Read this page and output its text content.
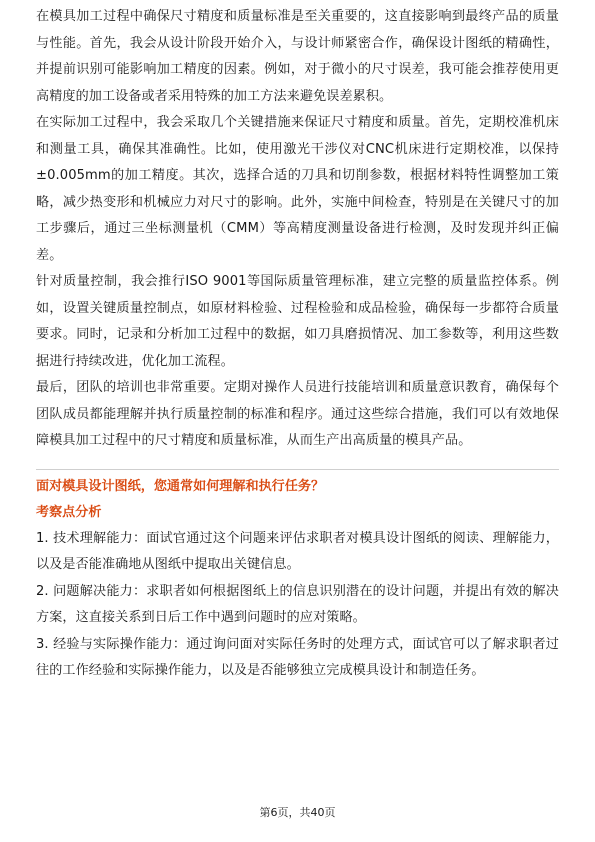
在模具加工过程中确保尺寸精度和质量标准是至关重要的，这直接影响到最终产品的质量与性能。首先，我会从设计阶段开始介入，与设计师紧密合作，确保设计图纸的精确性，并提前识别可能影响加工精度的因素。例如，对于微小的尺寸误差，我可能会推荐使用更高精度的加工设备或者采用特殊的加工方法来避免误差累积。

在实际加工过程中，我会采取几个关键措施来保证尺寸精度和质量。首先，定期校准机床和测量工具，确保其准确性。比如，使用激光干涉仪对CNC机床进行定期校准，以保持±0.005mm的加工精度。其次，选择合适的刀具和切削参数，根据材料特性调整加工策略，减少热变形和机械应力对尺寸的影响。此外，实施中间检查，特别是在关键尺寸的加工步骤后，通过三坐标测量机（CMM）等高精度测量设备进行检测，及时发现并纠正偏差。

针对质量控制，我会推行ISO 9001等国际质量管理标准，建立完整的质量监控体系。例如，设置关键质量控制点，如原材料检验、过程检验和成品检验，确保每一步都符合质量要求。同时，记录和分析加工过程中的数据，如刀具磨损情况、加工参数等，利用这些数据进行持续改进，优化加工流程。

最后，团队的培训也非常重要。定期对操作人员进行技能培训和质量意识教育，确保每个团队成员都能理解并执行质量控制的标准和程序。通过这些综合措施，我们可以有效地保障模具加工过程中的尺寸精度和质量标准，从而生产出高质量的模具产品。

面对模具设计图纸，您通常如何理解和执行任务？

考察点分析

1. 技术理解能力：面试官通过这个问题来评估求职者对模具设计图纸的阅读、理解能力，以及是否能准确地从图纸中提取出关键信息。

2. 问题解决能力：求职者如何根据图纸上的信息识别潜在的设计问题，并提出有效的解决方案，这直接关系到日后工作中遇到问题时的应对策略。

3. 经验与实际操作能力：通过询问面对实际任务时的处理方式，面试官可以了解求职者过往的工作经验和实际操作能力，以及是否能够独立完成模具设计和制造任务。

第6页，共40页
